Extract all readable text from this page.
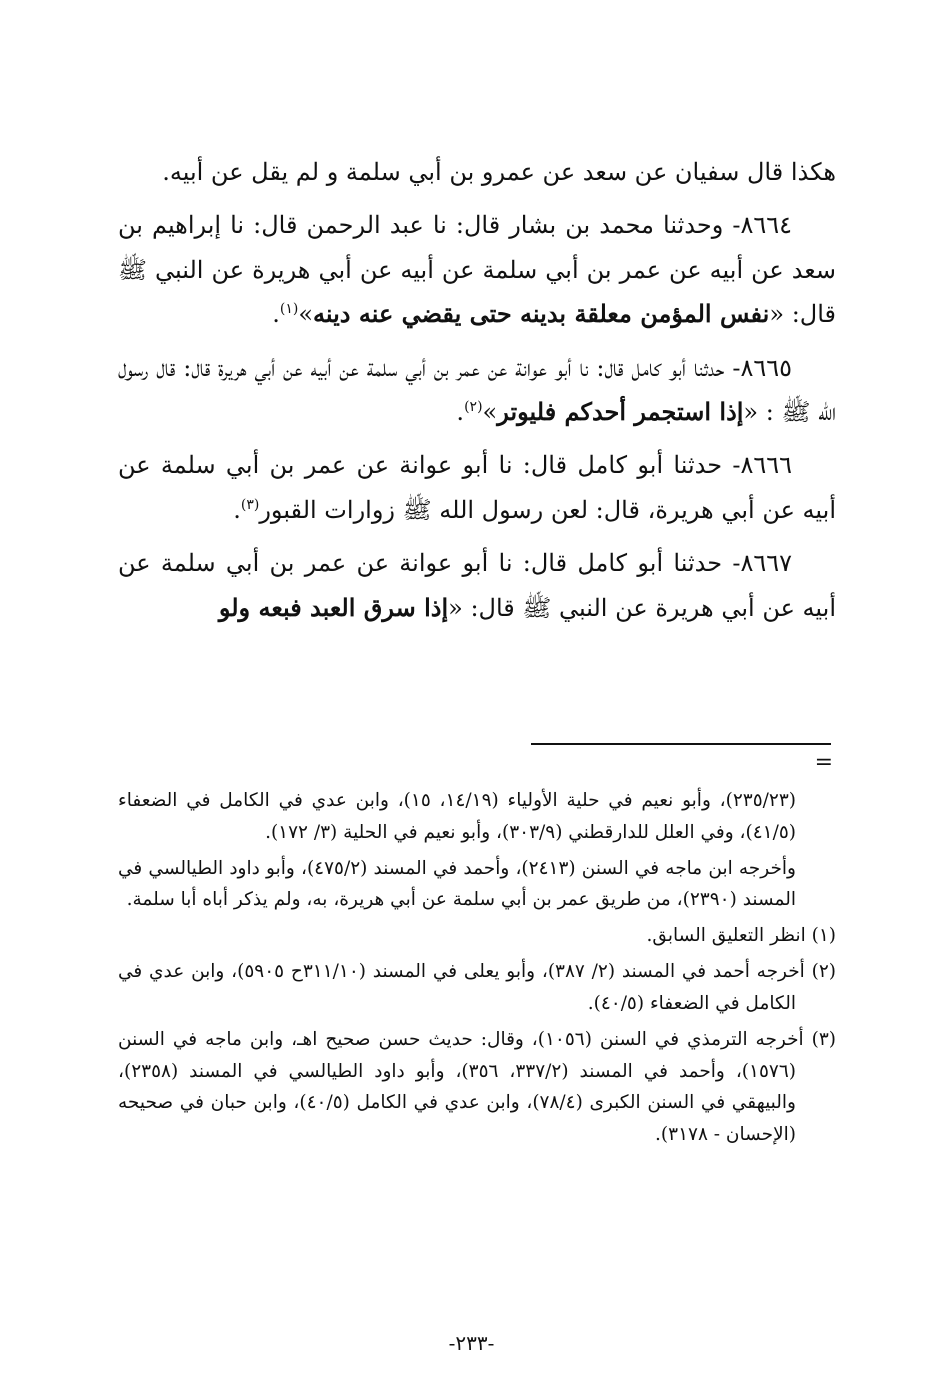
هكذا قال سفيان عن سعد عن عمرو بن أبي سلمة و لم يقل عن أبيه.

٨٦٦٤- وحدثنا محمد بن بشار قال: نا عبد الرحمن قال: نا إبراهيم بن سعد عن أبيه عن عمر بن أبي سلمة عن أبيه عن أبي هريرة عن النبي ﷺ قال: «نفس المؤمن معلقة بدينه حتى يقضي عنه دينه»$^{(١)}$.

٨٦٦٥- حدثنا أبو كامل قال: نا أبو عوانة عن عمر بن أبي سلمة عن أبيه عن أبي هريرة قال: قال رسول الله ﷺ : «إذا استجمر أحدكم فليوتر»$^{(٢)}$.

٨٦٦٦- حدثنا أبو كامل قال: نا أبو عوانة عن عمر بن أبي سلمة عن أبيه عن أبي هريرة، قال: لعن رسول الله ﷺ زوارات القبور$^{(٣)}$.

٨٦٦٧- حدثنا أبو كامل قال: نا أبو عوانة عن عمر بن أبي سلمة عن أبيه عن أبي هريرة عن النبي ﷺ قال: «إذا سرق العبد فبعه ولو

=

(٢٣٥/٢٣)، وأبو نعيم في حلية الأولياء (١٤/١٩، ١٥)، وابن عدي في الكامل في الضعفاء (٤١/٥)، وفي العلل للدارقطني (٣٠٣/٩)، وأبو نعيم في الحلية (٣/ ١٧٢).

وأخرجه ابن ماجه في السنن (٢٤١٣)، وأحمد في المسند (٤٧٥/٢)، وأبو داود الطيالسي في المسند (٢٣٩٠)، من طريق عمر بن أبي سلمة عن أبي هريرة، به، ولم يذكر أباه أبا سلمة.

(١) انظر التعليق السابق.

(٢) أخرجه أحمد في المسند (٢/ ٣٨٧)، وأبو يعلى في المسند (٣١١/١٠ح ٥٩٠٥)، وابن عدي في الكامل في الضعفاء (٤٠/٥).

(٣) أخرجه الترمذي في السنن (١٠٥٦)، وقال: حديث حسن صحيح اهـ، وابن ماجه في السنن (١٥٧٦)، وأحمد في المسند (٣٣٧/٢، ٣٥٦)، وأبو داود الطيالسي في المسند (٢٣٥٨)، والبيهقي في السنن الكبرى (٧٨/٤)، وابن عدي في الكامل (٤٠/٥)، وابن حبان في صحيحه (الإحسان - ٣١٧٨).

-٢٣٣-
